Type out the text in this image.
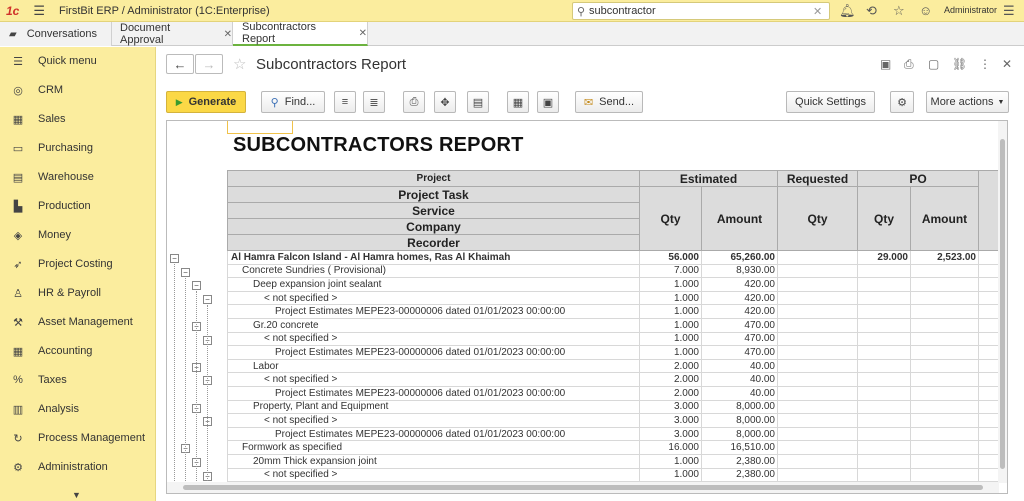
1c ☰ FirstBit ERP / Administrator (1C:Enterprise)	⚲
subcontractor	✕ 🔔︎ ⟲ ☆ ☺ Administrator ☰
▰ Conversations Document Approval	✕
Subcontractors Report	✕
☰ Quick menu
◎ CRM
▦ Sales
▭ Purchasing
▤ Warehouse
▙ Production
◈ Money
➶ Project Costing
♙ HR & Payroll
⚒ Asset Management
▦ Accounting
% Taxes
▥ Analysis
↻ Process Management
⚙ Administration
▼
←	→	☆ Subcontractors Report	▣ ⎙ ▢ ⛓ ⋮ ✕
▶ Generate	⚲ Find... ≡ ≣	⎙ ✥ ▤	▦ ▣	✉ Send...	Quick Settings	⚙ More actions ▼
SUBCONTRACTORS REPORT
−
−
−
−
−
−
−
−
−
−
−
−
−
Project	Estimated		Requested	PO		
Project Task	Qty	Amount	Qty	Qty	Amount	
Service						
Company						
Recorder						
Al Hamra Falcon Island - Al Hamra homes, Ras Al Khaimah	56.000	65,260.00		29.000	2,523.00	
Concrete Sundries ( Provisional)	7.000	8,930.00				
Deep expansion joint sealant	1.000	420.00				
< not specified >	1.000	420.00				
Project Estimates MEPE23-00000006 dated 01/01/2023 00:00:00	1.000	420.00				
Gr.20 concrete	1.000	470.00				
< not specified >	1.000	470.00				
Project Estimates MEPE23-00000006 dated 01/01/2023 00:00:00	1.000	470.00				
Labor	2.000	40.00				
< not specified >	2.000	40.00				
Project Estimates MEPE23-00000006 dated 01/01/2023 00:00:00	2.000	40.00				
Property, Plant and Equipment	3.000	8,000.00				
< not specified >	3.000	8,000.00				
Project Estimates MEPE23-00000006 dated 01/01/2023 00:00:00	3.000	8,000.00				
Formwork as specified	16.000	16,510.00				
20mm Thick expansion joint	1.000	2,380.00				
< not specified >	1.000	2,380.00				
